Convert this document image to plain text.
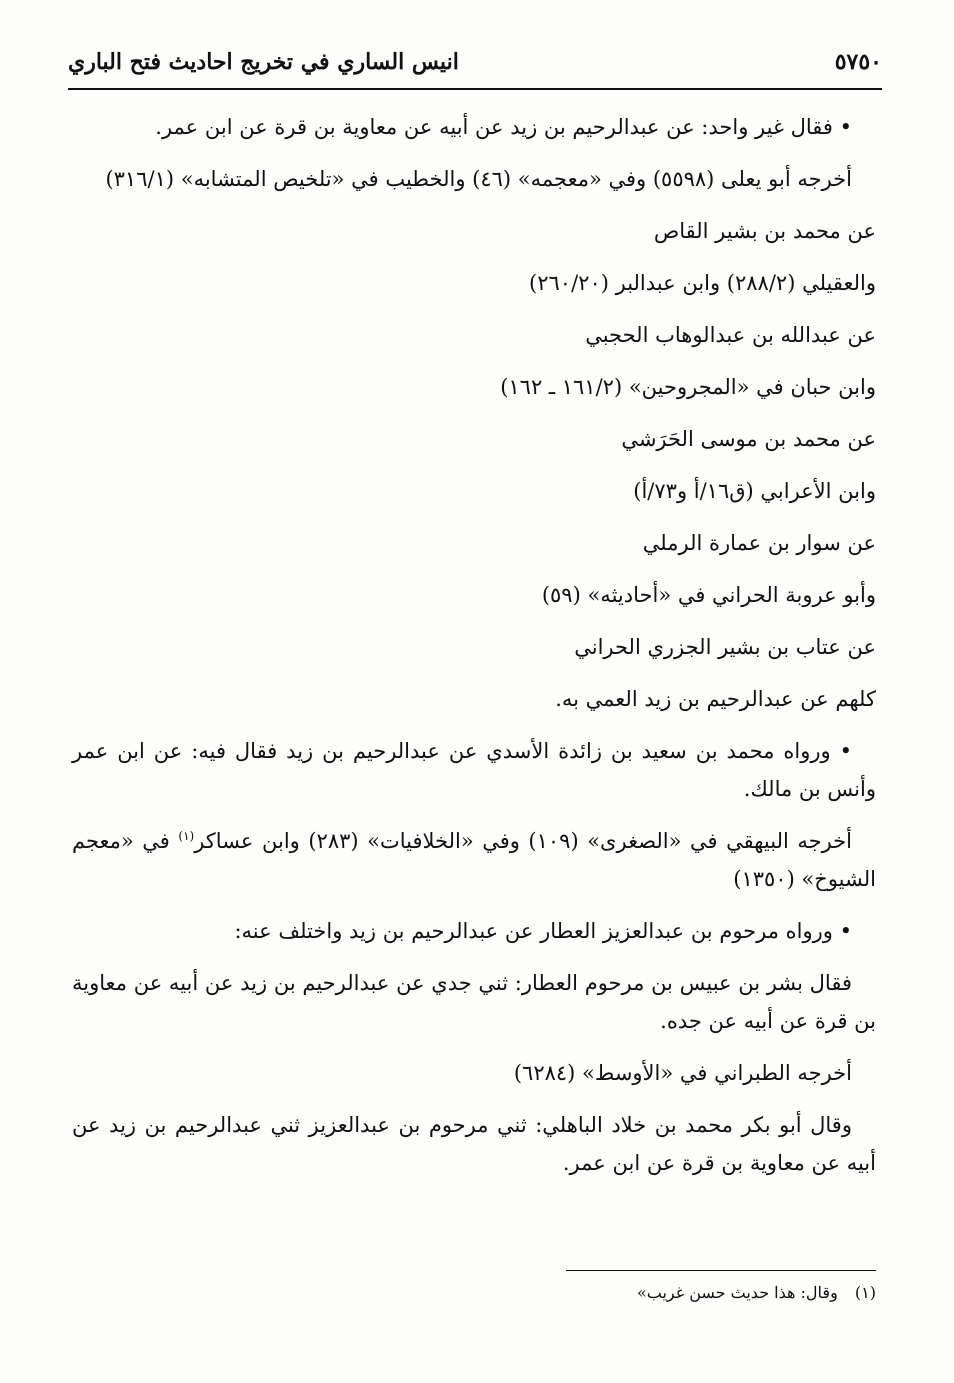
انيس الساري في تخريج احاديث فتح الباري	٥٧٥٠

• فقال غير واحد: عن عبدالرحيم بن زيد عن أبيه عن معاوية بن قرة عن ابن عمر.

أخرجه أبو يعلى (٥٥٩٨) وفي «معجمه» (٤٦) والخطيب في «تلخيص المتشابه» (٣١٦/١)

عن محمد بن بشير القاص

والعقيلي (٢٨٨/٢) وابن عبدالبر (٢٦٠/٢٠)

عن عبدالله بن عبدالوهاب الحجبي

وابن حبان في «المجروحين» (١٦١/٢ ـ ١٦٢)

عن محمد بن موسى الحَرَشي

وابن الأعرابي (ق١٦/أ و٧٣/أ)

عن سوار بن عمارة الرملي

وأبو عروبة الحراني في «أحاديثه» (٥٩)

عن عتاب بن بشير الجزري الحراني

كلهم عن عبدالرحيم بن زيد العمي به.

• ورواه محمد بن سعيد بن زائدة الأسدي عن عبدالرحيم بن زيد فقال فيه: عن ابن عمر وأنس بن مالك.

أخرجه البيهقي في «الصغرى» (١٠٩) وفي «الخلافيات» (٢٨٣) وابن عساكر$^{(١)}$ في «معجم الشيوخ» (١٣٥٠)

• ورواه مرحوم بن عبدالعزيز العطار عن عبدالرحيم بن زيد واختلف عنه:

فقال بشر بن عبيس بن مرحوم العطار: ثني جدي عن عبدالرحيم بن زيد عن أبيه عن معاوية بن قرة عن أبيه عن جده.

أخرجه الطبراني في «الأوسط» (٦٢٨٤)

وقال أبو بكر محمد بن خلاد الباهلي: ثني مرحوم بن عبدالعزيز ثني عبدالرحيم بن زيد عن أبيه عن معاوية بن قرة عن ابن عمر.

(١) وقال: هذا حديث حسن غريب»
